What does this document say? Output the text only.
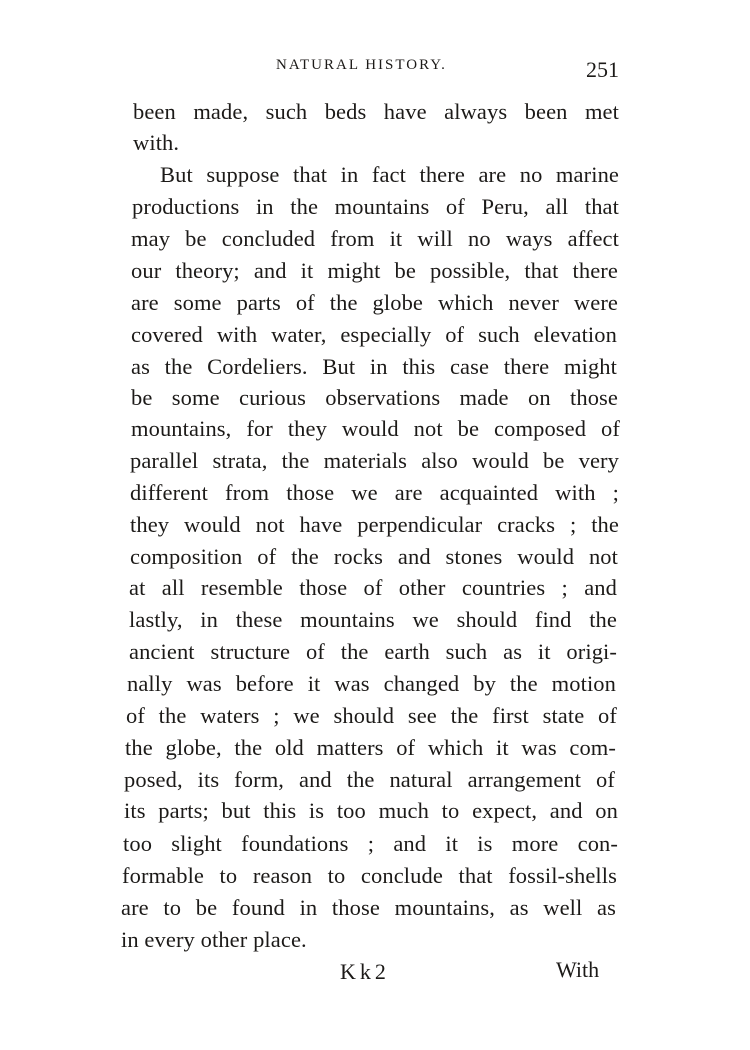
NATURAL HISTORY.	251
been made, such beds have always been met
with.
But suppose that in fact there are no marine
productions in the mountains of Peru, all that
may be concluded from it will no ways affect
our theory; and it might be possible, that there
are some parts of the globe which never were
covered with water, especially of such elevation
as the Cordeliers. But in this case there might
be some curious observations made on those
mountains, for they would not be composed of
parallel strata, the materials also would be very
different from those we are acquainted with ;
they would not have perpendicular cracks ; the
composition of the rocks and stones would not
at all resemble those of other countries ; and
lastly, in these mountains we should find the
ancient structure of the earth such as it origi-
nally was before it was changed by the motion
of the waters ; we should see the first state of
the globe, the old matters of which it was com-
posed, its form, and the natural arrangement of
its parts; but this is too much to expect, and on
too slight foundations ; and it is more con-
formable to reason to conclude that fossil-shells
are to be found in those mountains, as well as
in every other place.
Kk2	With
